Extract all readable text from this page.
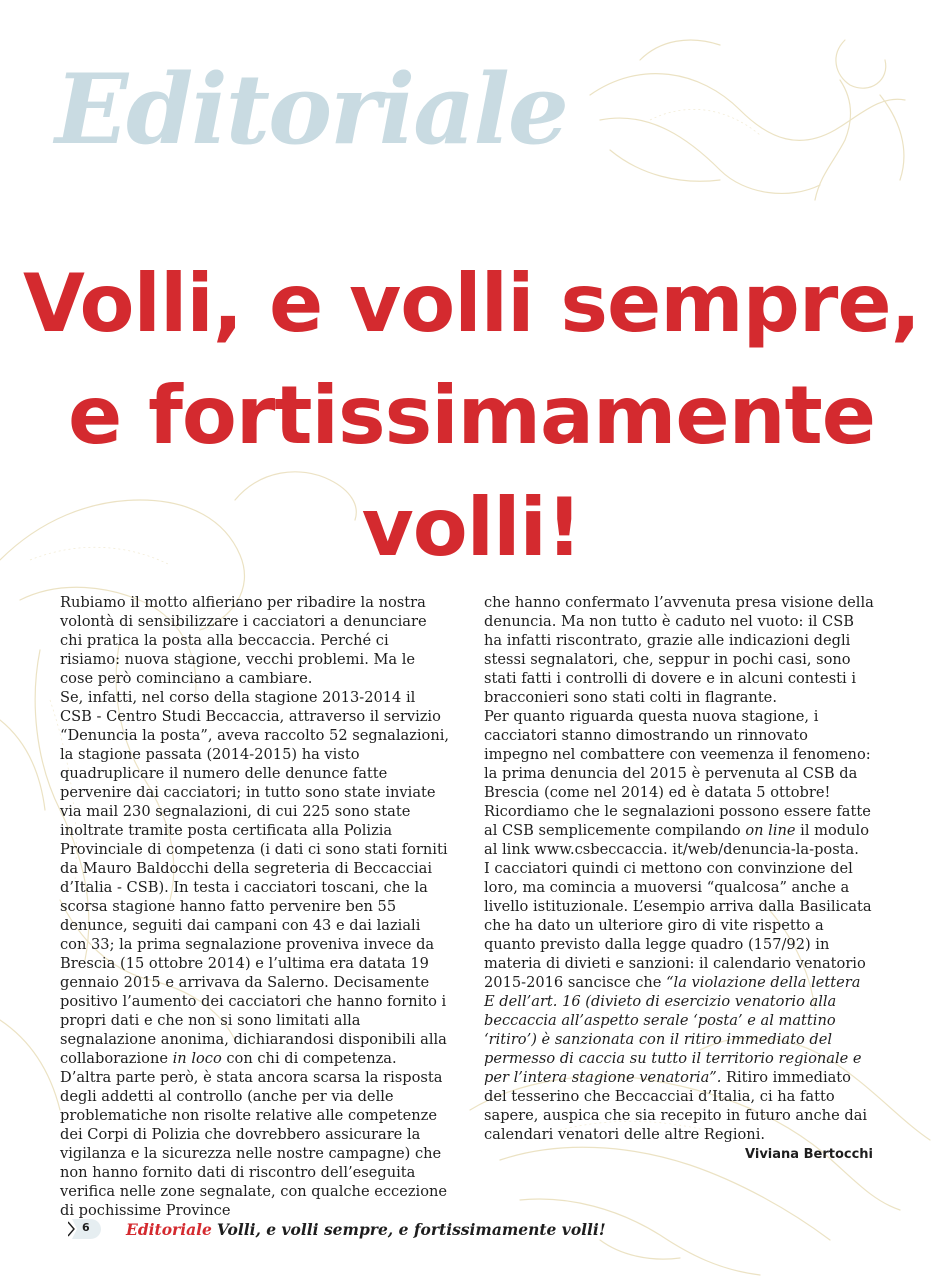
Editoriale
Volli, e volli sempre,
e fortissimamente
volli!

Rubiamo il motto alfieriano per ribadire la nostra volontà di sensibilizzare i cacciatori a denunciare chi pratica la posta alla beccaccia. Perché ci risiamo: nuova stagione, vecchi problemi. Ma le cose però cominciano a cambiare.

Se, infatti, nel corso della stagione 2013-2014 il CSB - Centro Studi Beccaccia, attraverso il servizio “Denuncia la posta”, aveva raccolto 52 segnalazioni, la stagione passata (2014-2015) ha visto quadruplicare il numero delle denunce fatte pervenire dai cacciatori; in tutto sono state inviate via mail 230 segnalazioni, di cui 225 sono state inoltrate tramite posta certificata alla Polizia Provinciale di competenza (i dati ci sono stati forniti da Mauro Baldocchi della segreteria di Beccacciai d’Italia - CSB). In testa i cacciatori toscani, che la scorsa stagione hanno fatto pervenire ben 55 denunce, seguiti dai campani con 43 e dai laziali con 33; la prima segnalazione proveniva invece da Brescia (15 ottobre 2014) e l’ultima era datata 19 gennaio 2015 e arrivava da Salerno. Decisamente positivo l’aumento dei cacciatori che hanno fornito i propri dati e che non si sono limitati alla segnalazione anonima, dichiarandosi disponibili alla collaborazione in loco con chi di competenza. D’altra parte però, è stata ancora scarsa la risposta degli addetti al controllo (anche per via delle problematiche non risolte relative alle competenze dei Corpi di Polizia che dovrebbero assicurare la vigilanza e la sicurezza nelle nostre campagne) che non hanno fornito dati di riscontro dell’eseguita verifica nelle zone segnalate, con qualche eccezione di pochissime Province

che hanno confermato l’avvenuta presa visione della denuncia. Ma non tutto è caduto nel vuoto: il CSB ha infatti riscontrato, grazie alle indicazioni degli stessi segnalatori, che, seppur in pochi casi, sono stati fatti i controlli di dovere e in alcuni contesti i bracconieri sono stati colti in flagrante.

Per quanto riguarda questa nuova stagione, i cacciatori stanno dimostrando un rinnovato impegno nel combattere con veemenza il fenomeno: la prima denuncia del 2015 è pervenuta al CSB da Brescia (come nel 2014) ed è datata 5 ottobre! Ricordiamo che le segnalazioni possono essere fatte al CSB semplicemente compilando on line il modulo al link www.csbeccaccia. it/web/denuncia-la-posta.

I cacciatori quindi ci mettono con convinzione del loro, ma comincia a muoversi “qualcosa” anche a livello istituzionale. L’esempio arriva dalla Basilicata che ha dato un ulteriore giro di vite rispetto a quanto previsto dalla legge quadro (157/92) in materia di divieti e sanzioni: il calendario venatorio 2015-2016 sancisce che “la violazione della lettera E dell’art. 16 (divieto di esercizio venatorio alla beccaccia all’aspetto serale ‘posta’ e al mattino ‘ritiro’) è sanzionata con il ritiro immediato del permesso di caccia su tutto il territorio regionale e per l’intera stagione venatoria”. Ritiro immediato del tesserino che Beccacciai d’Italia, ci ha fatto sapere, auspica che sia recepito in futuro anche dai calendari venatori delle altre Regioni.

Viviana Bertocchi
6 Editoriale Volli, e volli sempre, e fortissimamente volli!
